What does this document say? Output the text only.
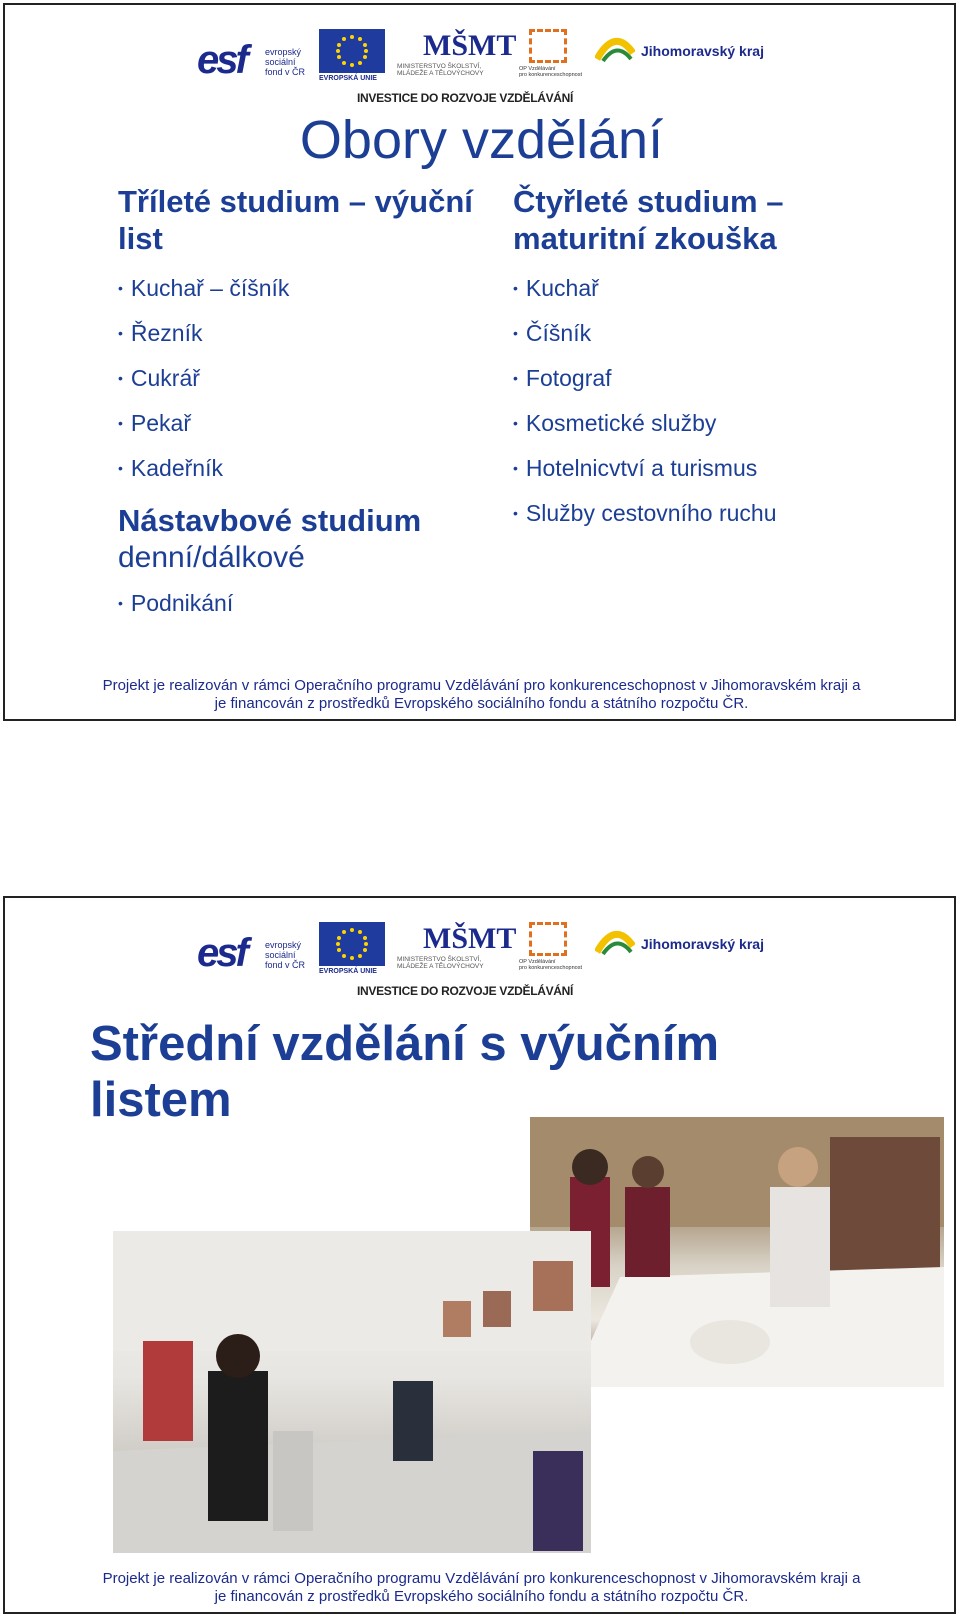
esf evropský
sociální
fond v ČR
EVROPSKÁ UNIE
MŠMT
MINISTERSTVO ŠKOLSTVÍ,
MLÁDEŽE A TĚLOVÝCHOVY
OP Vzdělávání
pro konkurenceschopnost
Jihomoravský kraj
INVESTICE DO ROZVOJE VZDĚLÁVÁNÍ
Obory vzdělání
Tříleté studium – výuční list
• Kuchař – číšník
• Řezník
• Cukrář
• Pekař
• Kadeřník
Nástavbové studium
denní/dálkové
• Podnikání
Čtyřleté studium – maturitní zkouška
• Kuchař
• Číšník
• Fotograf
• Kosmetické služby
• Hotelnicvtví a turismus
• Služby cestovního ruchu
Projekt je realizován v rámci Operačního programu Vzdělávání pro konkurenceschopnost v Jihomoravském kraji a
je financován z prostředků Evropského sociálního fondu a státního rozpočtu ČR.
esf evropský
sociální
fond v ČR
EVROPSKÁ UNIE
MŠMT
MINISTERSTVO ŠKOLSTVÍ,
MLÁDEŽE A TĚLOVÝCHOVY
OP Vzdělávání
pro konkurenceschopnost
Jihomoravský kraj
INVESTICE DO ROZVOJE VZDĚLÁVÁNÍ
Střední vzdělání s výučním
listem
Projekt je realizován v rámci Operačního programu Vzdělávání pro konkurenceschopnost v Jihomoravském kraji a
je financován z prostředků Evropského sociálního fondu a státního rozpočtu ČR.
